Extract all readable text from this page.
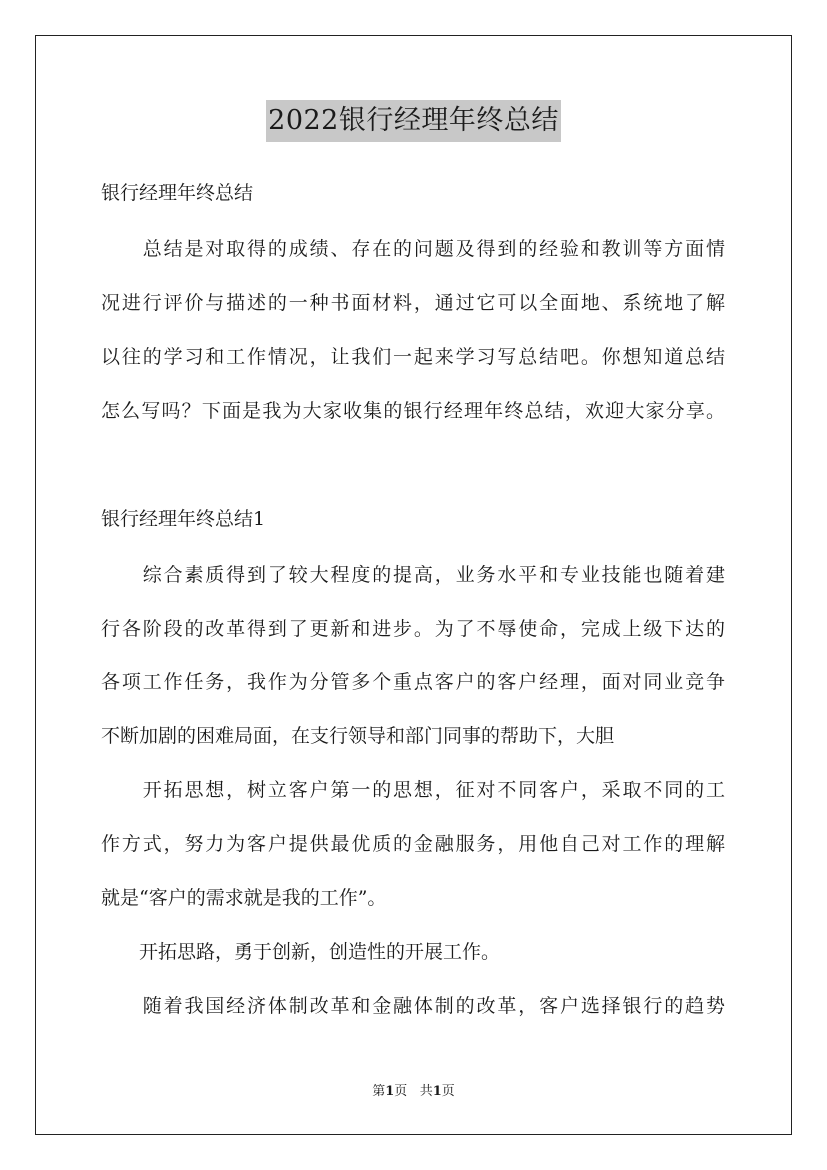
2022银行经理年终总结
银行经理年终总结
　　总结是对取得的成绩、存在的问题及得到的经验和教训等方面情
况进行评价与描述的一种书面材料，通过它可以全面地、系统地了解
以往的学习和工作情况，让我们一起来学习写总结吧。你想知道总结
怎么写吗？下面是我为大家收集的银行经理年终总结，欢迎大家分享。
银行经理年终总结1
　　综合素质得到了较大程度的提高，业务水平和专业技能也随着建
行各阶段的改革得到了更新和进步。为了不辱使命，完成上级下达的
各项工作任务，我作为分管多个重点客户的客户经理，面对同业竞争
不断加剧的困难局面，在支行领导和部门同事的帮助下，大胆
　　开拓思想，树立客户第一的思想，征对不同客户，采取不同的工
作方式，努力为客户提供最优质的金融服务，用他自己对工作的理解
就是“客户的需求就是我的工作”。
　　开拓思路，勇于创新，创造性的开展工作。
　　随着我国经济体制改革和金融体制的改革，客户选择银行的趋势
第1页 共1页
